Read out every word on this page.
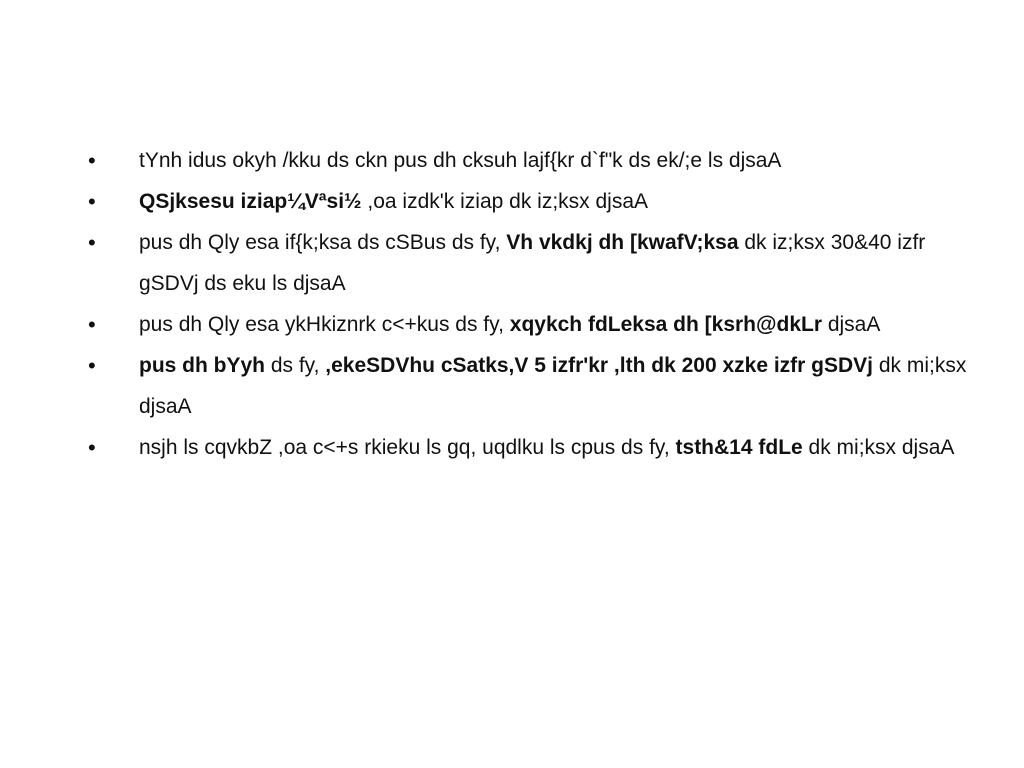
•	tYnh idus okyh /kku ds ckn pus dh cksuh lajf{kr d`f"k ds ek/;e ls djsaA
•	QSjksesu iziap¼Vªsi½ ,oa izdk'k iziap dk iz;ksx djsaA
•	pus dh Qly esa if{k;ksa ds cSBus ds fy, Vh vkdkj dh [kwafV;ksa dk iz;ksx 30&40 izfr gSDVj ds eku ls djsaA
•	pus dh Qly esa ykHkiznrk c<+kus ds fy, xqykch fdLeksa dh [ksrh@dkLr djsaA
•	pus dh bYyh ds fy, ,ekeSDVhu cSatks,V 5 izfr'kr ,lth dk 200 xzke izfr gSDVj dk mi;ksx djsaA
•	nsjh ls cqvkbZ ,oa c<+s rkieku ls gq, uqdlku ls cpus ds fy, tsth&14 fdLe dk mi;ksx djsaA
